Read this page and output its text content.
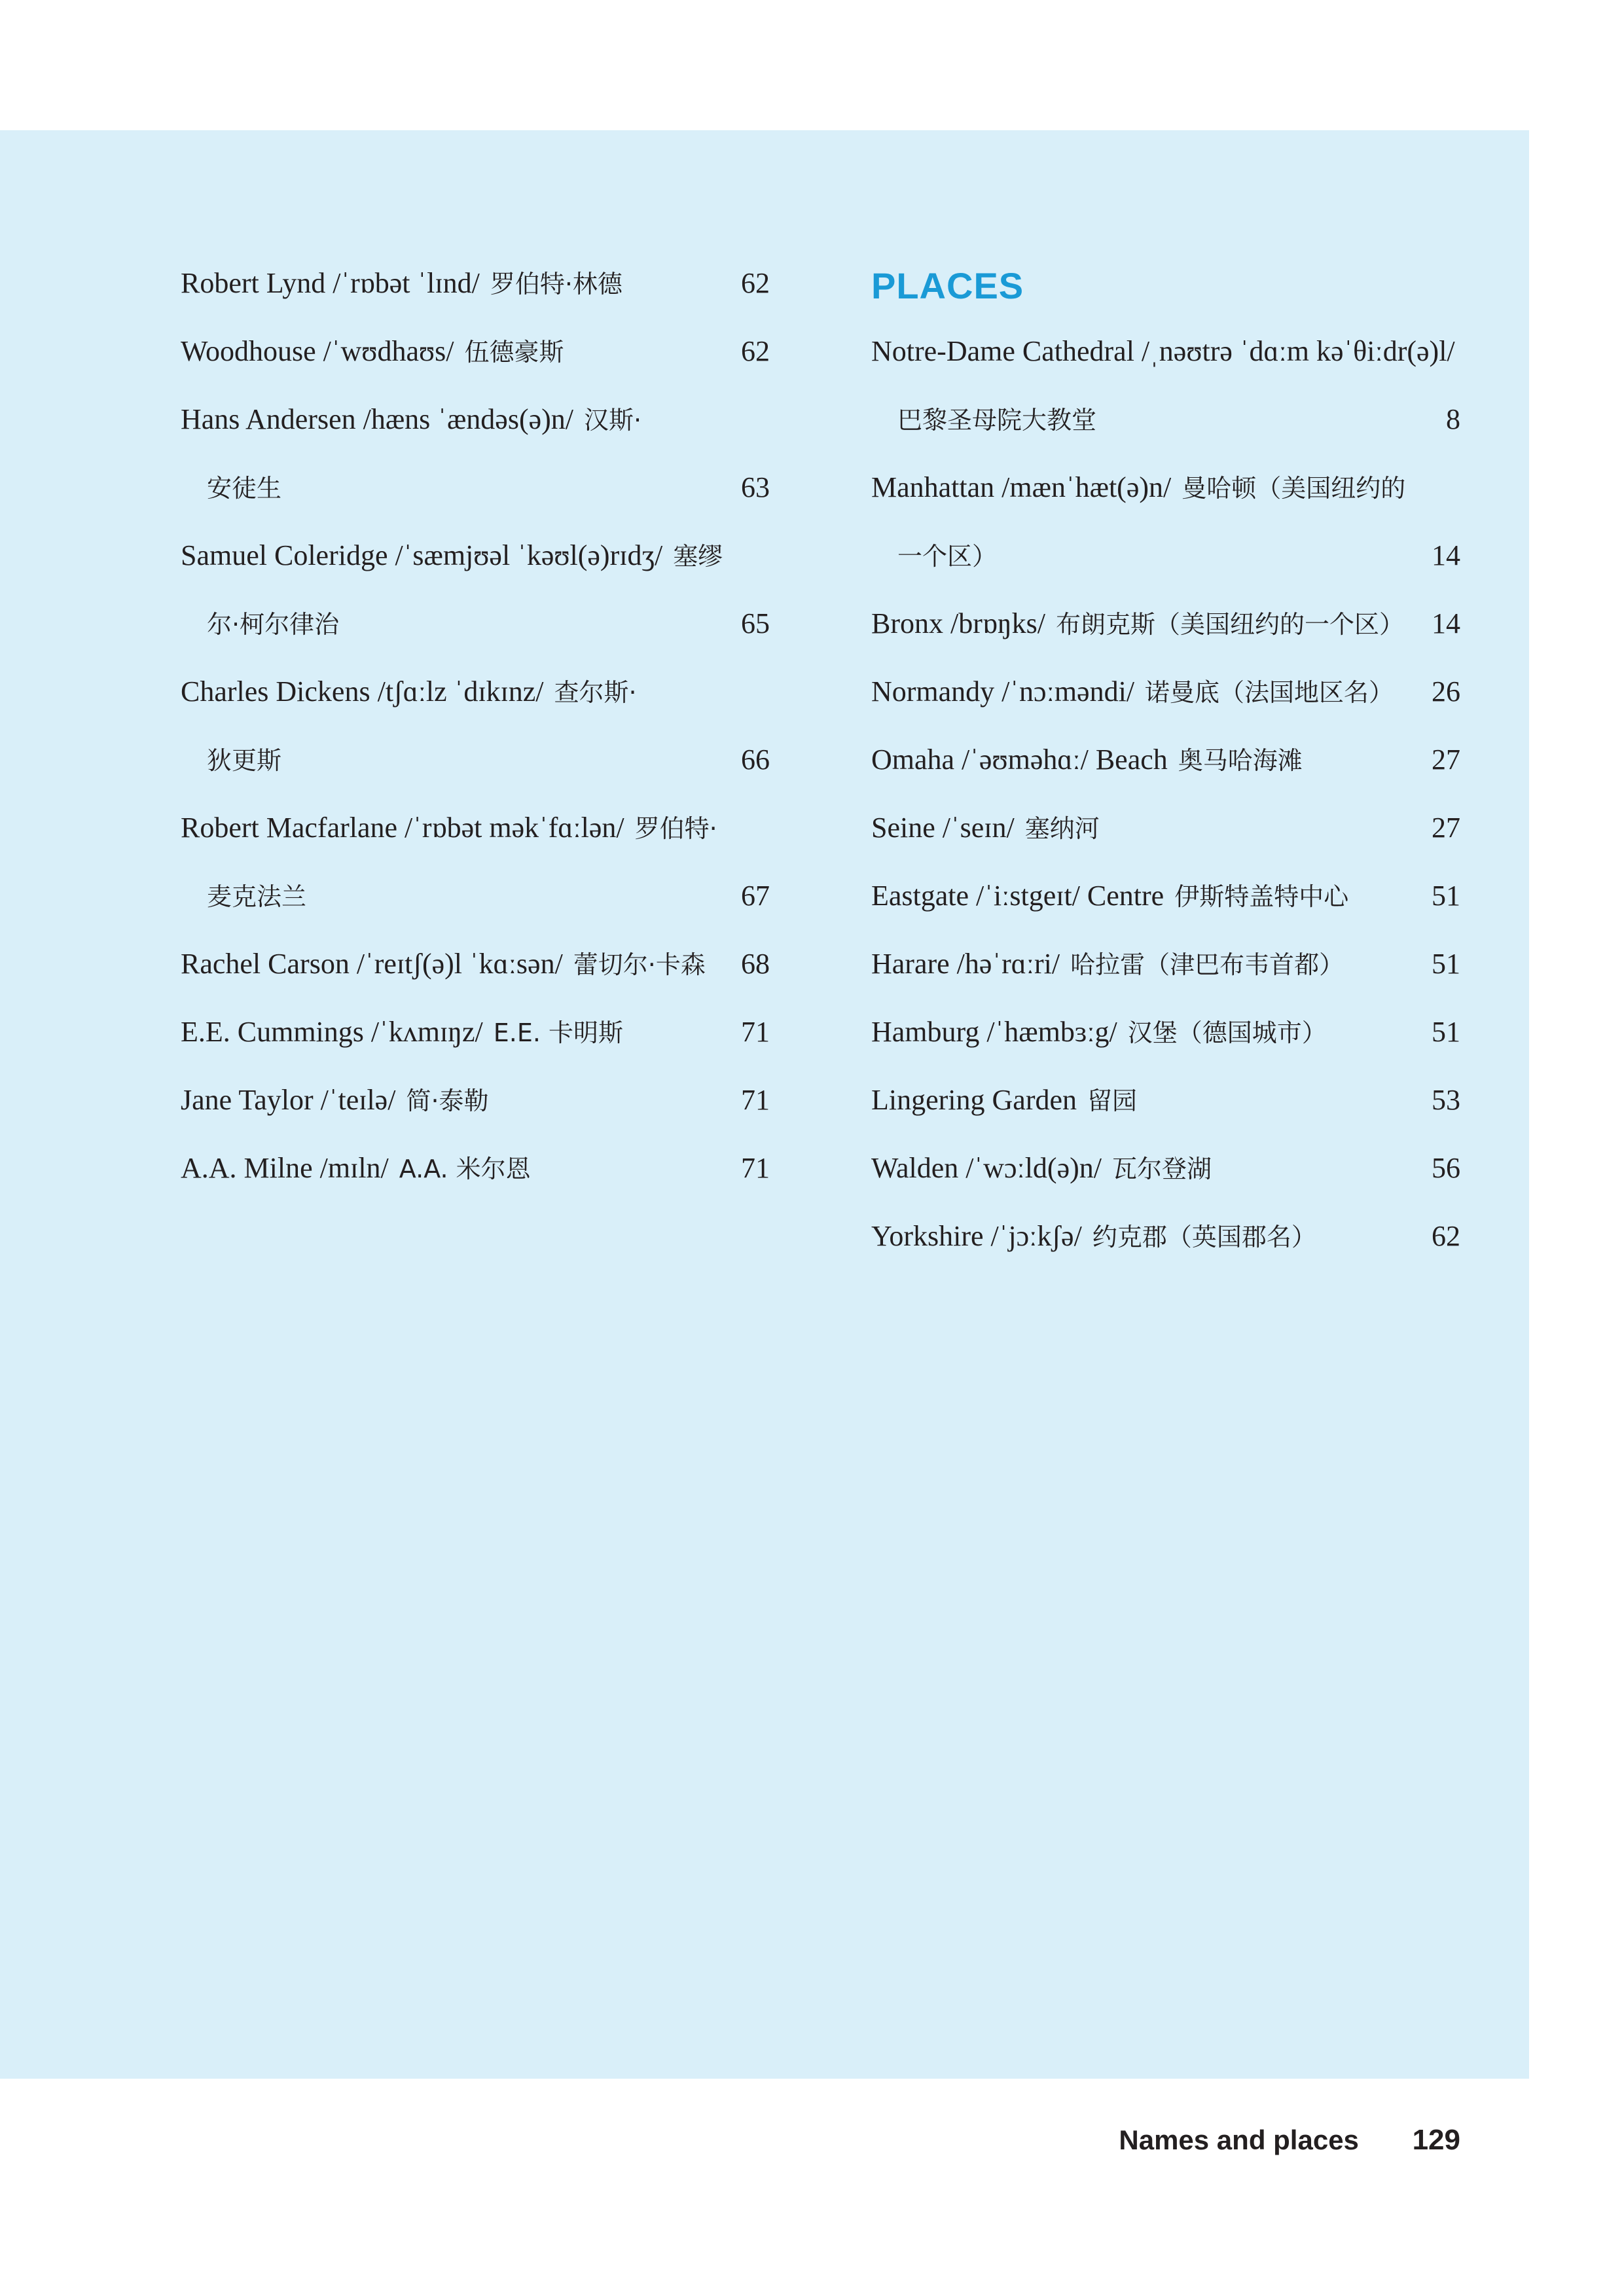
Robert Lynd /ˈrɒbət ˈlɪnd/ 罗伯特·林德	62
Woodhouse /ˈwʊdhaʊs/ 伍德豪斯	62
Hans Andersen /hæns ˈændəs(ə)n/ 汉斯·
安徒生	63
Samuel Coleridge /ˈsæmjʊəl ˈkəʊl(ə)rɪdʒ/ 塞缪
尔·柯尔律治	65
Charles Dickens /tʃɑːlz ˈdɪkɪnz/ 查尔斯·
狄更斯	66
Robert Macfarlane /ˈrɒbət məkˈfɑːlən/ 罗伯特·
麦克法兰	67
Rachel Carson /ˈreɪtʃ(ə)l ˈkɑːsən/ 蕾切尔·卡森 68
E.E. Cummings /ˈkʌmɪŋz/ E.E. 卡明斯	71
Jane Taylor /ˈteɪlə/ 简·泰勒	71
A.A. Milne /mɪln/ A.A. 米尔恩	71
PLACES
Notre-Dame Cathedral /ˌnəʊtrə ˈdɑːm kəˈθiːdr(ə)l/
巴黎圣母院大教堂	8
Manhattan /mænˈhæt(ə)n/ 曼哈顿（美国纽约的
一个区）	14
Bronx /brɒŋks/ 布朗克斯（美国纽约的一个区） 14
Normandy /ˈnɔːməndi/ 诺曼底（法国地区名） 26
Omaha /ˈəʊməhɑː/ Beach 奥马哈海滩	27
Seine /ˈseɪn/ 塞纳河	27
Eastgate /ˈiːstgeɪt/ Centre 伊斯特盖特中心	51
Harare /həˈrɑːri/ 哈拉雷（津巴布韦首都）	51
Hamburg /ˈhæmbɜːg/ 汉堡（德国城市）	51
Lingering Garden 留园	53
Walden /ˈwɔːld(ə)n/ 瓦尔登湖	56
Yorkshire /ˈjɔːkʃə/ 约克郡（英国郡名）	62
Names and places 129
